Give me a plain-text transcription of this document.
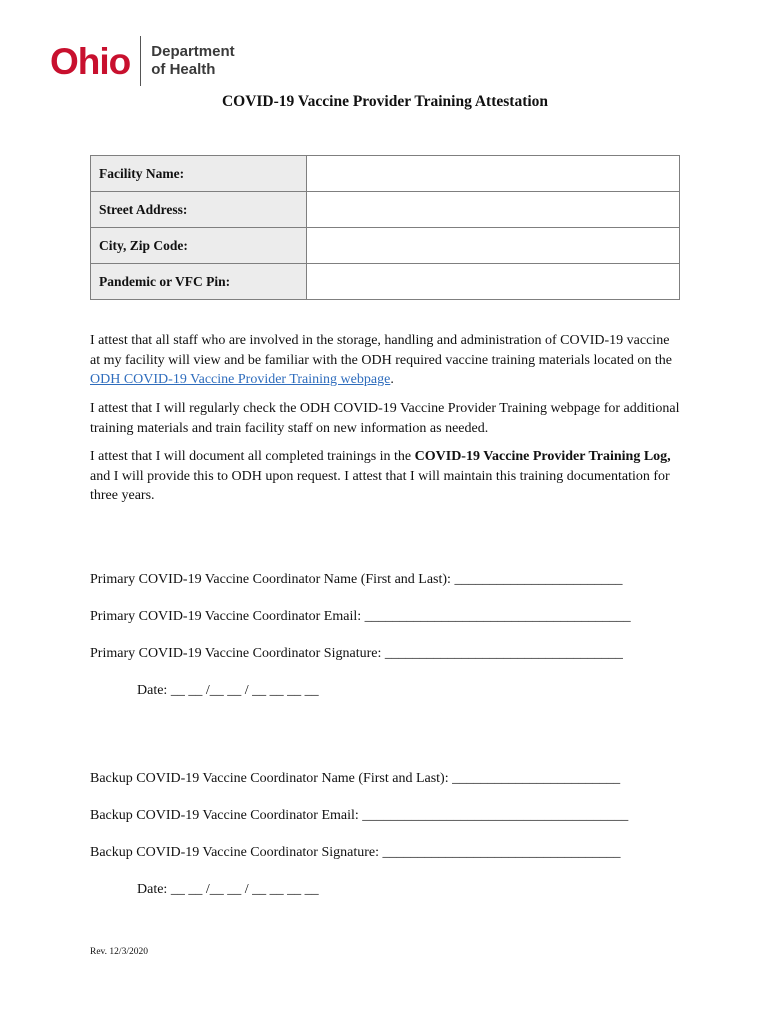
Ohio Department
of Health
COVID-19 Vaccine Provider Training Attestation
Facility Name:	
Street Address:	
City, Zip Code:	
Pandemic or VFC Pin:	
I attest that all staff who are involved in the storage, handling and administration of COVID-19 vaccine at my facility will view and be familiar with the ODH required vaccine training materials located on the ODH COVID-19 Vaccine Provider Training webpage.
I attest that I will regularly check the ODH COVID-19 Vaccine Provider Training webpage for additional training materials and train facility staff on new information as needed.
I attest that I will document all completed trainings in the COVID-19 Vaccine Provider Training Log, and I will provide this to ODH upon request. I attest that I will maintain this training documentation for three years.
Primary COVID-19 Vaccine Coordinator Name (First and Last): ________________________
Primary COVID-19 Vaccine Coordinator Email: ______________________________________
Primary COVID-19 Vaccine Coordinator Signature: __________________________________
Date: __ __ /__ __ / __ __ __ __
Backup COVID-19 Vaccine Coordinator Name (First and Last): ________________________
Backup COVID-19 Vaccine Coordinator Email: ______________________________________
Backup COVID-19 Vaccine Coordinator Signature: __________________________________
Date: __ __ /__ __ / __ __ __ __
Rev. 12/3/2020
